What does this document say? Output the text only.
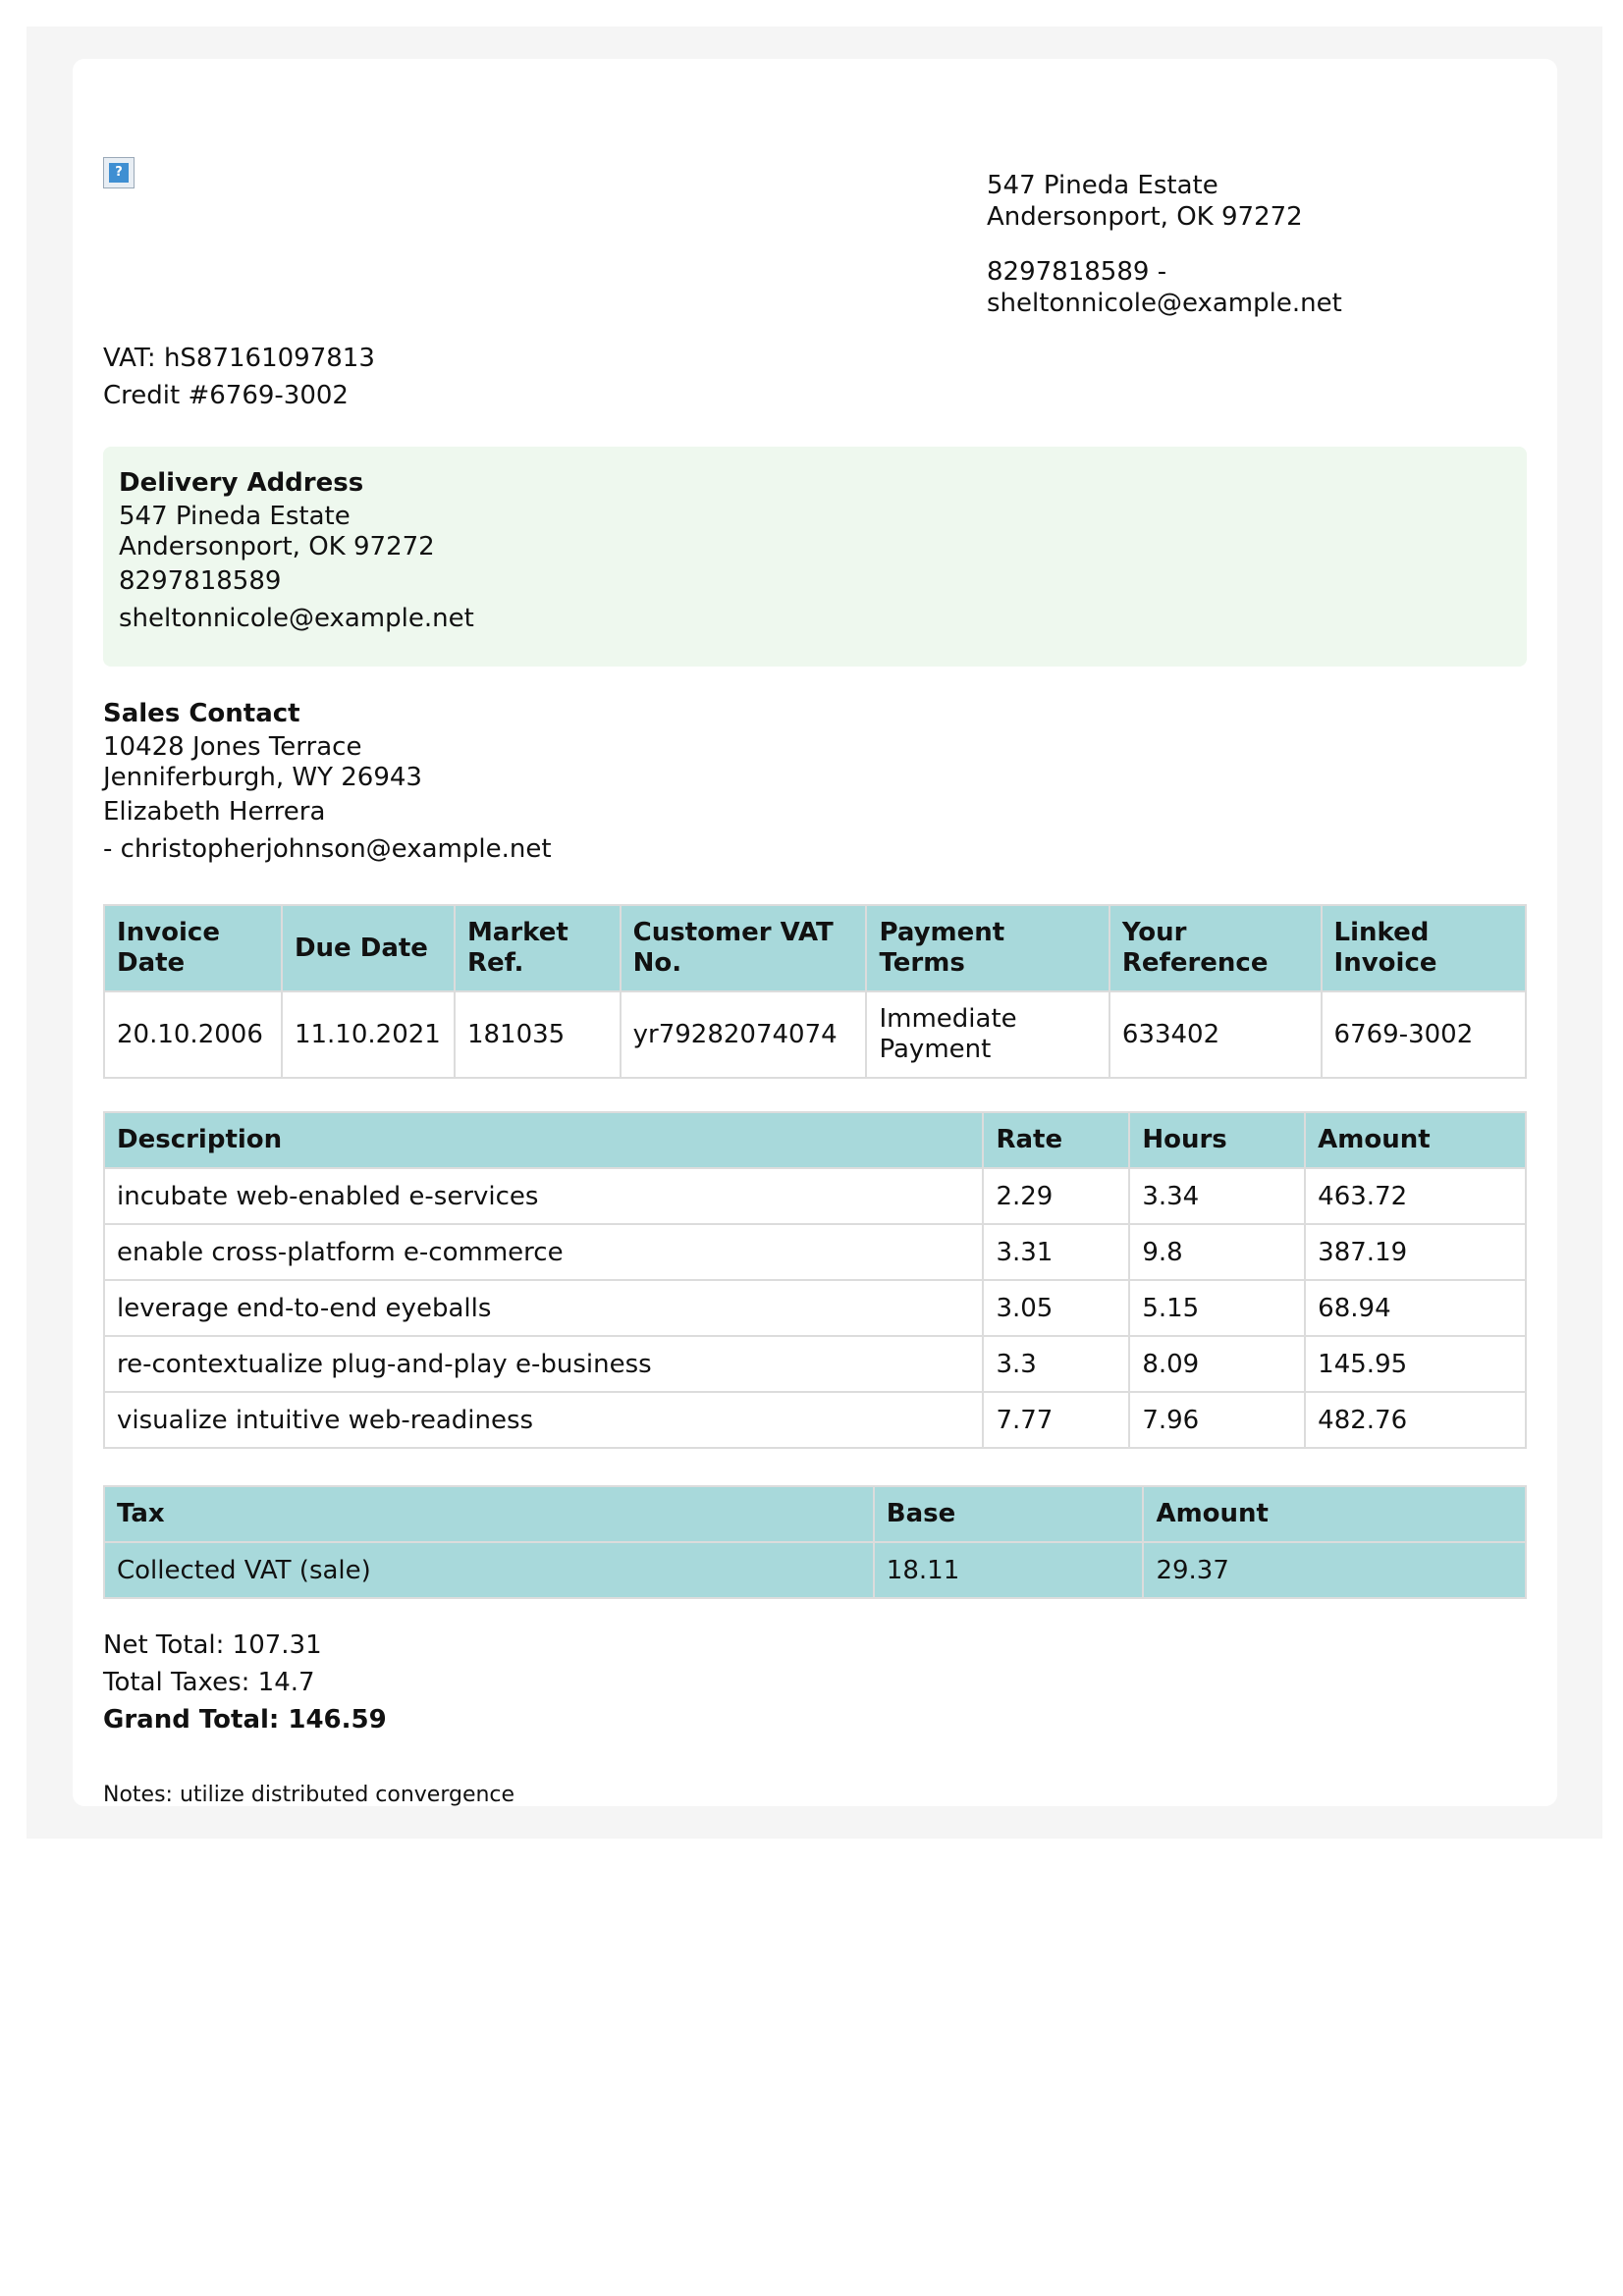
?	547 Pineda Estate
Andersonport, OK 97272
8297818589 - sheltonnicole@example.net
VAT: hS87161097813
Credit #6769-3002
Delivery Address
547 Pineda Estate
Andersonport, OK 97272
8297818589
sheltonnicole@example.net
Sales Contact
10428 Jones Terrace
Jenniferburgh, WY 26943
Elizabeth Herrera
- christopherjohnson@example.net
Invoice Date	Due Date	Market Ref.	Customer VAT No.	Payment Terms	Your Reference	Linked Invoice
20.10.2006	11.10.2021	181035	yr79282074074	Immediate Payment	633402	6769-3002
Description	Rate	Hours	Amount
incubate web-enabled e-services	2.29	3.34	463.72
enable cross-platform e-commerce	3.31	9.8	387.19
leverage end-to-end eyeballs	3.05	5.15	68.94
re-contextualize plug-and-play e-business	3.3	8.09	145.95
visualize intuitive web-readiness	7.77	7.96	482.76
Tax	Base	Amount
Collected VAT (sale)	18.11	29.37
Net Total: 107.31
Total Taxes: 14.7
Grand Total: 146.59
Notes: utilize distributed convergence
